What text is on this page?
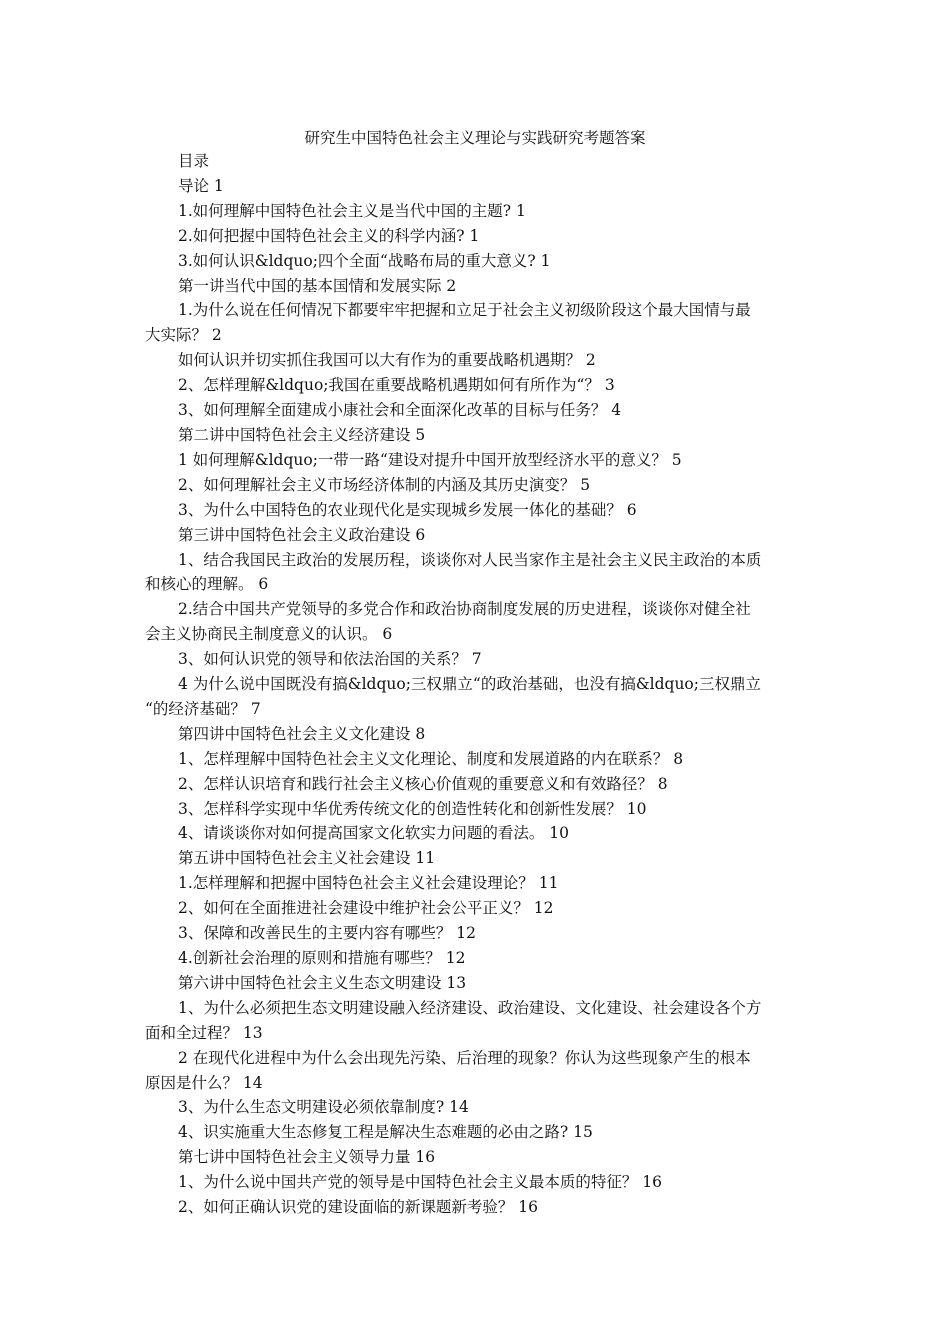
研究生中国特色社会主义理论与实践研究考题答案
目录
导论 1
1.如何理解中国特色社会主义是当代中国的主题? 1
2.如何把握中国特色社会主义的科学内涵? 1
3.如何认识&ldquo;四个全面“战略布局的重大意义? 1
第一讲当代中国的基本国情和发展实际 2
1.为什么说在任何情况下都要牢牢把握和立足于社会主义初级阶段这个最大国情与最
大实际？ 2
如何认识并切实抓住我国可以大有作为的重要战略机遇期？ 2
2、怎样理解&ldquo;我国在重要战略机遇期如何有所作为“？ 3
3、如何理解全面建成小康社会和全面深化改革的目标与任务？ 4
第二讲中国特色社会主义经济建设 5
1 如何理解&ldquo;一带一路“建设对提升中国开放型经济水平的意义？ 5
2、如何理解社会主义市场经济体制的内涵及其历史演变？ 5
3、为什么中国特色的农业现代化是实现城乡发展一体化的基础？ 6
第三讲中国特色社会主义政治建设 6
1、结合我国民主政治的发展历程，谈谈你对人民当家作主是社会主义民主政治的本质
和核心的理解。 6
2.结合中国共产党领导的多党合作和政治协商制度发展的历史进程，谈谈你对健全社
会主义协商民主制度意义的认识。 6
3、如何认识党的领导和依法治国的关系？ 7
4 为什么说中国既没有搞&ldquo;三权鼎立“的政治基础，也没有搞&ldquo;三权鼎立
“的经济基础？ 7
第四讲中国特色社会主义文化建设 8
1、怎样理解中国特色社会主义文化理论、制度和发展道路的内在联系？ 8
2、怎样认识培育和践行社会主义核心价值观的重要意义和有效路径？ 8
3、怎样科学实现中华优秀传统文化的创造性转化和创新性发展？ 10
4、请谈谈你对如何提高国家文化软实力问题的看法。 10
第五讲中国特色社会主义社会建设 11
1.怎样理解和把握中国特色社会主义社会建设理论？ 11
2、如何在全面推进社会建设中维护社会公平正义？ 12
3、保障和改善民生的主要内容有哪些？ 12
4.创新社会治理的原则和措施有哪些？ 12
第六讲中国特色社会主义生态文明建设 13
1、为什么必须把生态文明建设融入经济建设、政治建设、文化建设、社会建设各个方
面和全过程？ 13
2 在现代化进程中为什么会出现先污染、后治理的现象？你认为这些现象产生的根本
原因是什么？ 14
3、为什么生态文明建设必须依靠制度? 14
4、识实施重大生态修复工程是解决生态难题的必由之路? 15
第七讲中国特色社会主义领导力量 16
1、为什么说中国共产党的领导是中国特色社会主义最本质的特征？ 16
2、如何正确认识党的建设面临的新课题新考验？ 16
